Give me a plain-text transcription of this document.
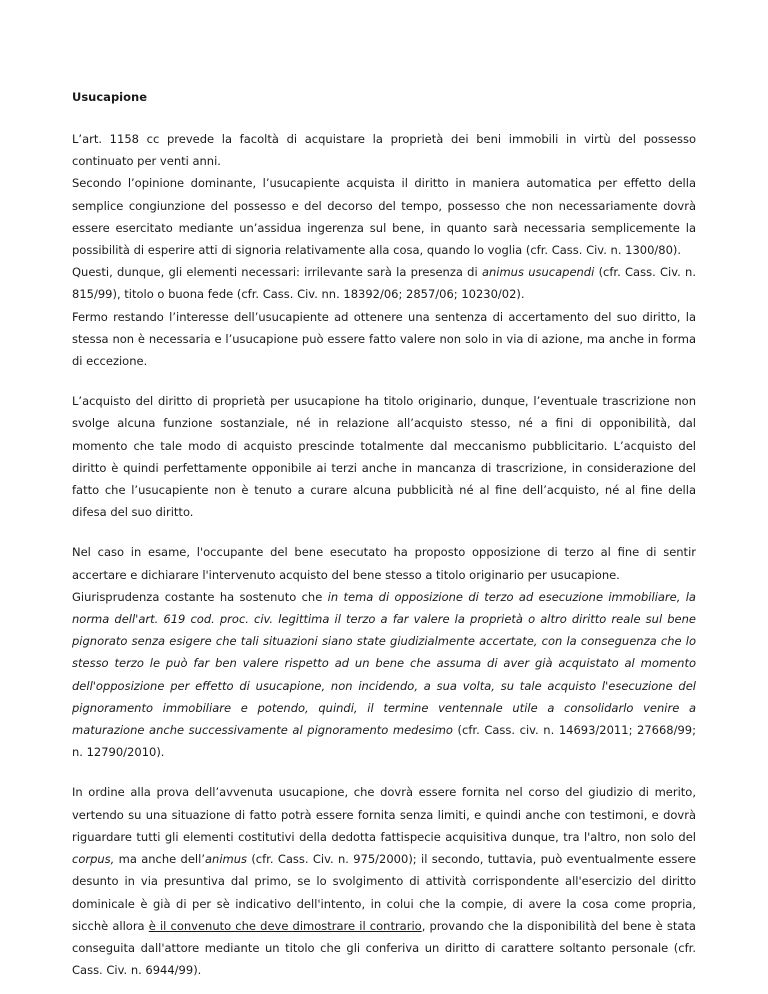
Usucapione

L’art. 1158 cc prevede la facoltà di acquistare la proprietà dei beni immobili in virtù del possesso continuato per venti anni.

Secondo l’opinione dominante, l’usucapiente acquista il diritto in maniera automatica per effetto della semplice congiunzione del possesso e del decorso del tempo, possesso che non necessariamente dovrà essere esercitato mediante un’assidua ingerenza sul bene, in quanto sarà necessaria semplicemente la possibilità di esperire atti di signoria relativamente alla cosa, quando lo voglia (cfr. Cass. Civ. n. 1300/80).

Questi, dunque, gli elementi necessari: irrilevante sarà la presenza di animus usucapendi (cfr. Cass. Civ. n. 815/99), titolo o buona fede (cfr. Cass. Civ. nn. 18392/06; 2857/06; 10230/02).

Fermo restando l’interesse dell’usucapiente ad ottenere una sentenza di accertamento del suo diritto, la stessa non è necessaria e l’usucapione può essere fatto valere non solo in via di azione, ma anche in forma di eccezione.

L’acquisto del diritto di proprietà per usucapione ha titolo originario, dunque, l’eventuale trascrizione non svolge alcuna funzione sostanziale, né in relazione all’acquisto stesso, né a fini di opponibilità, dal momento che tale modo di acquisto prescinde totalmente dal meccanismo pubblicitario. L’acquisto del diritto è quindi perfettamente opponibile ai terzi anche in mancanza di trascrizione, in considerazione del fatto che l’usucapiente non è tenuto a curare alcuna pubblicità né al fine dell’acquisto, né al fine della difesa del suo diritto.

Nel caso in esame, l'occupante del bene esecutato ha proposto opposizione di terzo al fine di sentir accertare e dichiarare l'intervenuto acquisto del bene stesso a titolo originario per usucapione.

Giurisprudenza costante ha sostenuto che in tema di opposizione di terzo ad esecuzione immobiliare, la norma dell'art. 619 cod. proc. civ. legittima il terzo a far valere la proprietà o altro diritto reale sul bene pignorato senza esigere che tali situazioni siano state giudizialmente accertate, con la conseguenza che lo stesso terzo le può far ben valere rispetto ad un bene che assuma di aver già acquistato al momento dell'opposizione per effetto di usucapione, non incidendo, a sua volta, su tale acquisto l'esecuzione del pignoramento immobiliare e potendo, quindi, il termine ventennale utile a consolidarlo venire a maturazione anche successivamente al pignoramento medesimo (cfr. Cass. civ. n. 14693/2011; 27668/99; n. 12790/2010).

In ordine alla prova dell’avvenuta usucapione, che dovrà essere fornita nel corso del giudizio di merito, vertendo su una situazione di fatto potrà essere fornita senza limiti, e quindi anche con testimoni, e dovrà riguardare tutti gli elementi costitutivi della dedotta fattispecie acquisitiva dunque, tra l'altro, non solo del corpus, ma anche dell’animus (cfr. Cass. Civ. n. 975/2000); il secondo, tuttavia, può eventualmente essere desunto in via presuntiva dal primo, se lo svolgimento di attività corrispondente all'esercizio del diritto dominicale è già di per sè indicativo dell'intento, in colui che la compie, di avere la cosa come propria, sicchè allora è il convenuto che deve dimostrare il contrario, provando che la disponibilità del bene è stata conseguita dall'attore mediante un titolo che gli conferiva un diritto di carattere soltanto personale (cfr. Cass. Civ. n. 6944/99).
